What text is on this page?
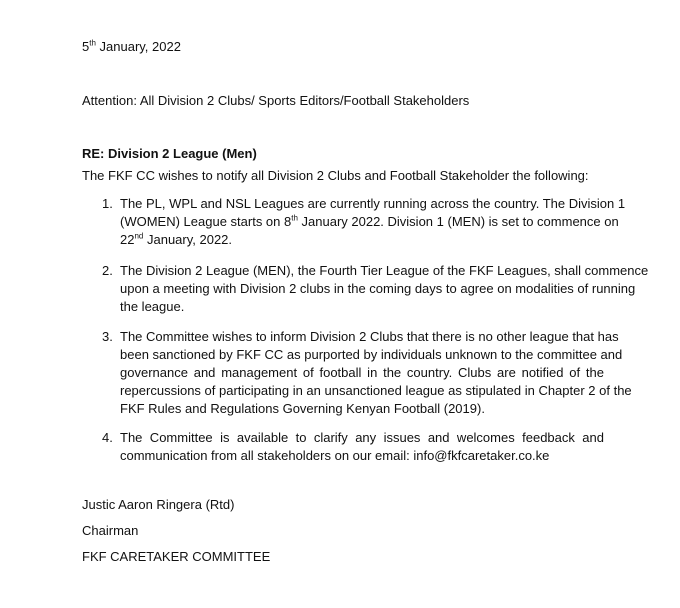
5th January, 2022
Attention: All Division 2 Clubs/ Sports Editors/Football Stakeholders
RE: Division 2 League (Men)
The FKF CC wishes to notify all Division 2 Clubs and Football Stakeholder the following:
1. The PL, WPL and NSL Leagues are currently running across the country. The Division 1

(WOMEN) League starts on 8th January 2022. Division 1 (MEN) is set to commence on

22nd January, 2022.

2. The Division 2 League (MEN), the Fourth Tier League of the FKF Leagues, shall commence

upon a meeting with Division 2 clubs in the coming days to agree on modalities of running

the league.

3. The Committee wishes to inform Division 2 Clubs that there is no other league that has

been sanctioned by FKF CC as purported by individuals unknown to the committee and

governance and management of football in the country. Clubs are notified of the

repercussions of participating in an unsanctioned league as stipulated in Chapter 2 of the

FKF Rules and Regulations Governing Kenyan Football (2019).

4. The Committee is available to clarify any issues and welcomes feedback and

communication from all stakeholders on our email: info@fkfcaretaker.co.ke

Justic Aaron Ringera (Rtd)
Chairman
FKF CARETAKER COMMITTEE
